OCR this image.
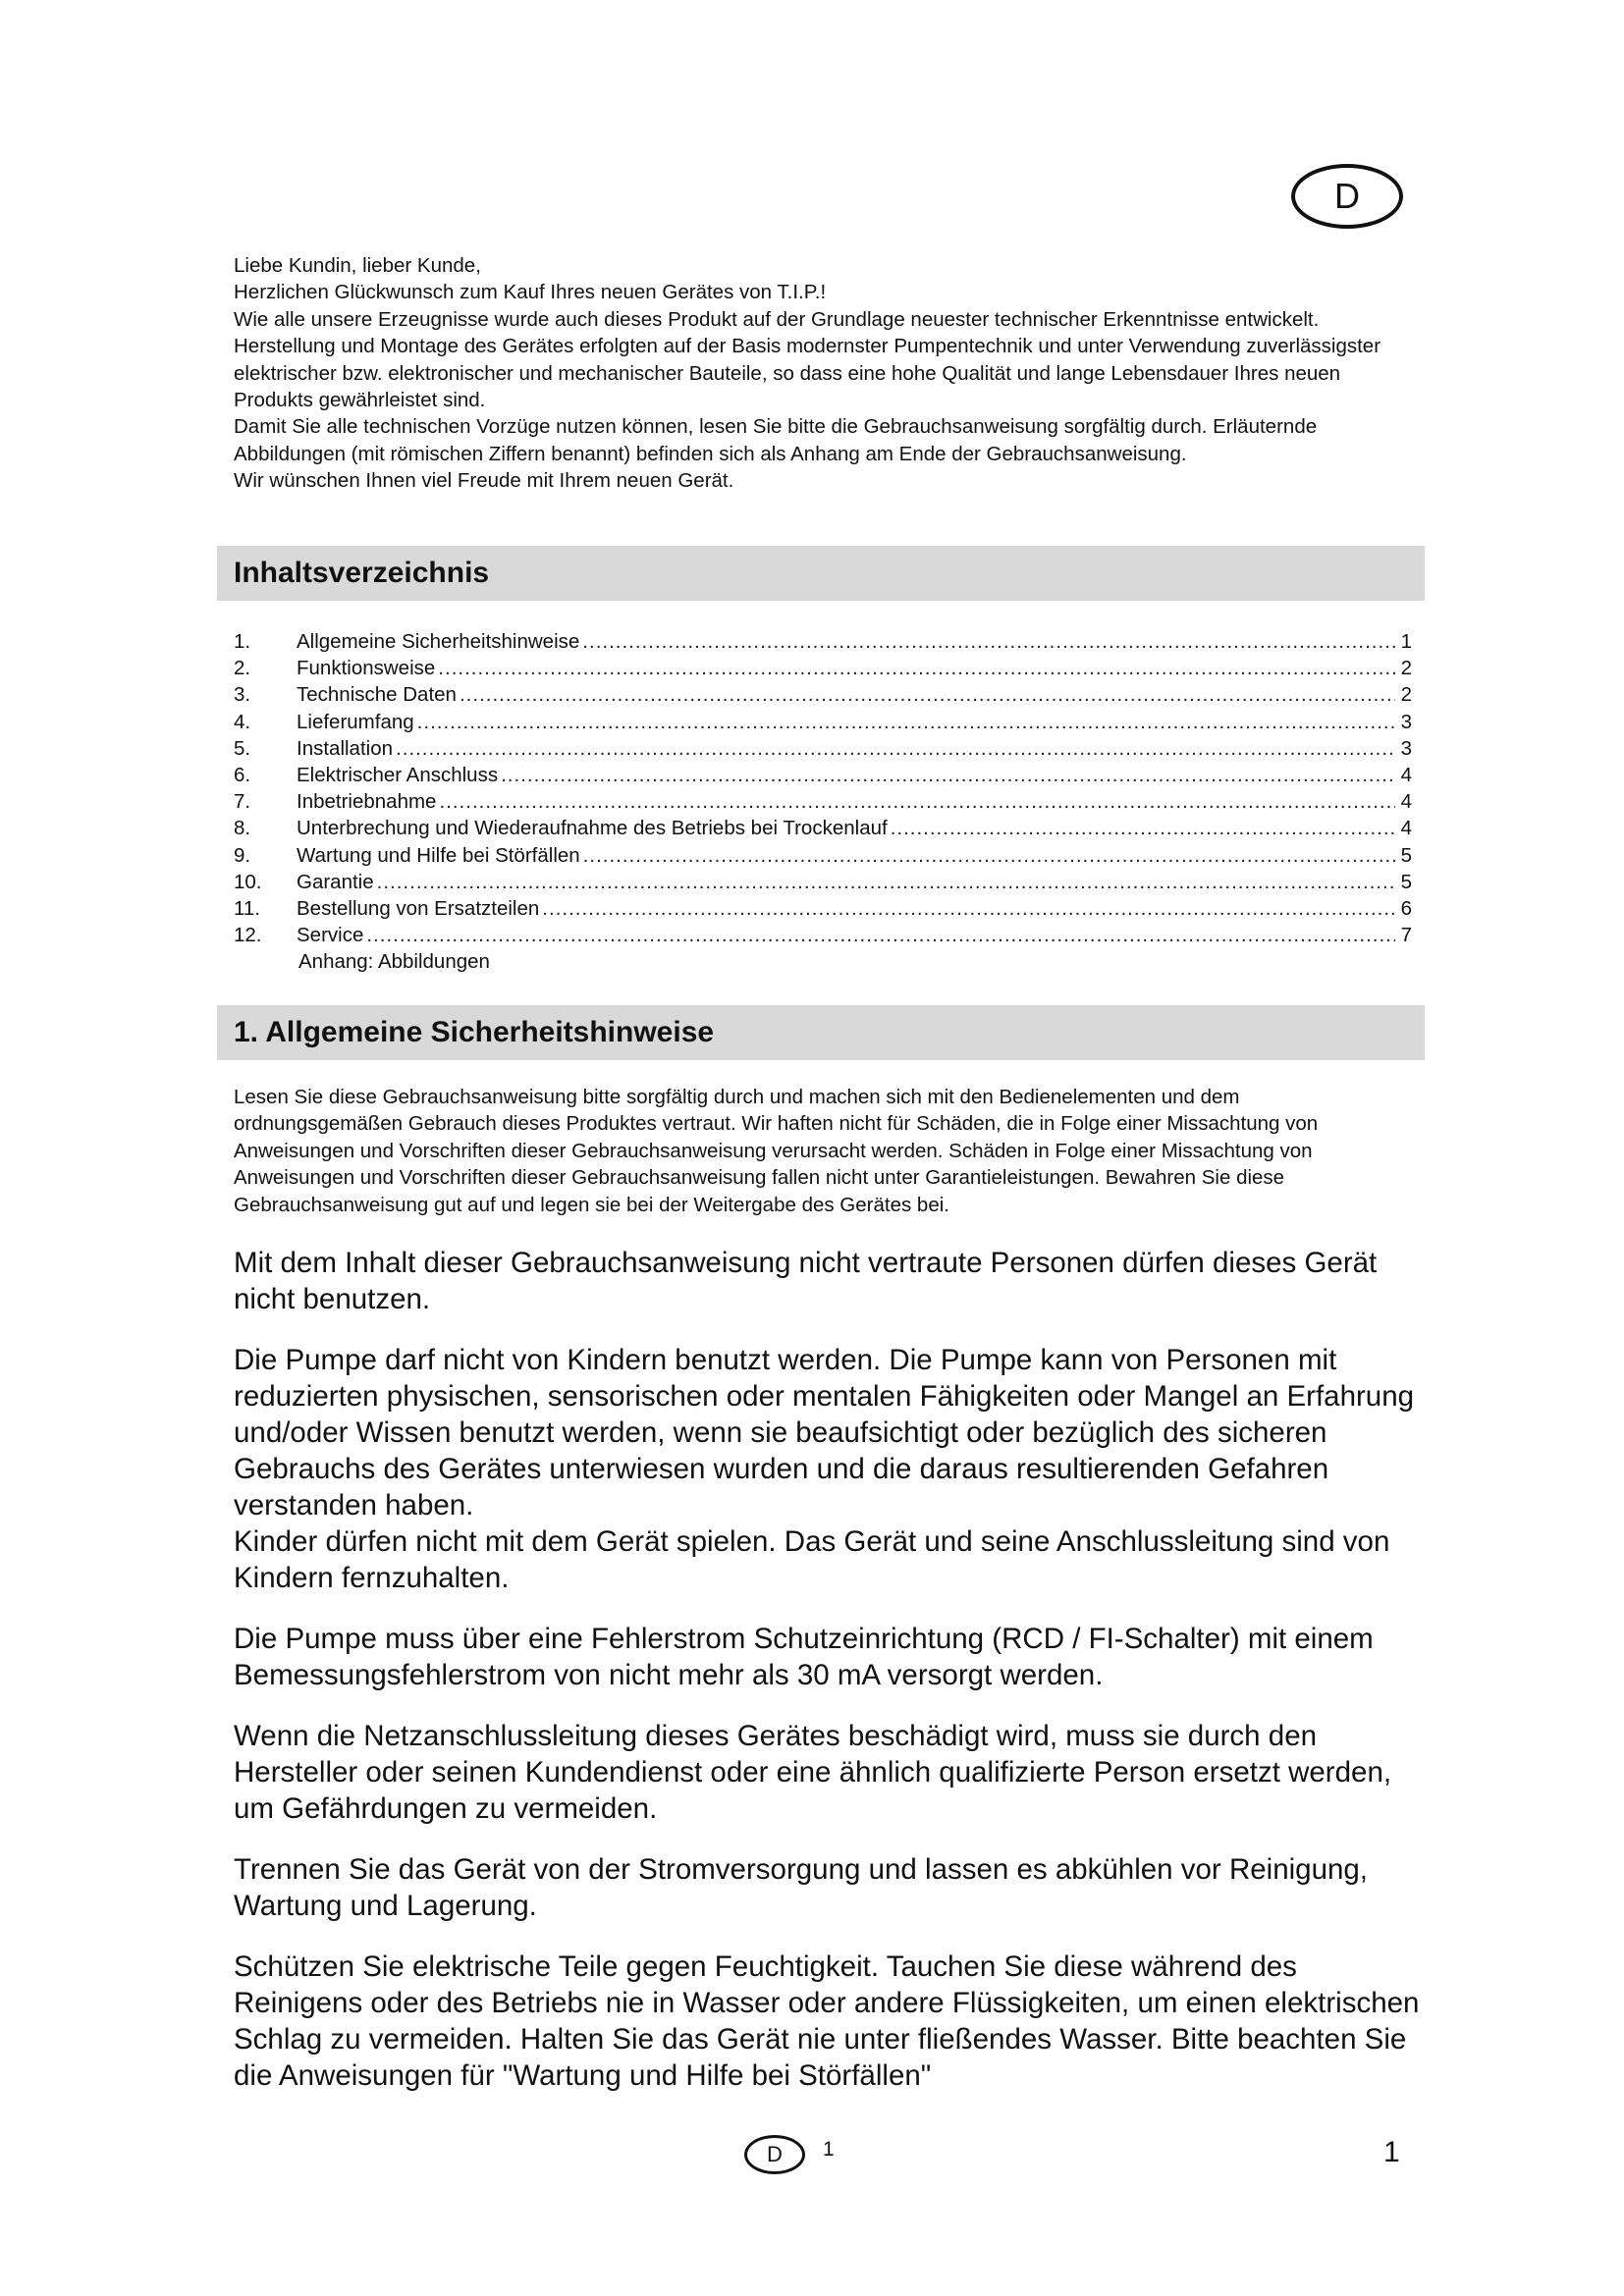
D

Liebe Kundin, lieber Kunde,

Herzlichen Glückwunsch zum Kauf Ihres neuen Gerätes von T.I.P.!

Wie alle unsere Erzeugnisse wurde auch dieses Produkt auf der Grundlage neuester technischer Erkenntnisse entwickelt. Herstellung und Montage des Gerätes erfolgten auf der Basis modernster Pumpentechnik und unter Verwendung zuverlässigster elektrischer bzw. elektronischer und mechanischer Bauteile, so dass eine hohe Qualität und lange Lebensdauer Ihres neuen Produkts gewährleistet sind.

Damit Sie alle technischen Vorzüge nutzen können, lesen Sie bitte die Gebrauchsanweisung sorgfältig durch. Erläuternde Abbildungen (mit römischen Ziffern benannt) befinden sich als Anhang am Ende der Gebrauchsanweisung.

Wir wünschen Ihnen viel Freude mit Ihrem neuen Gerät.

Inhaltsverzeichnis
1.	Allgemeine Sicherheitshinweise .....	1
2.	Funktionsweise .....	2
3.	Technische Daten .....	2
4.	Lieferumfang .....	3
5.	Installation .....	3
6.	Elektrischer Anschluss .....	4
7.	Inbetriebnahme .....	4
8.	Unterbrechung und Wiederaufnahme des Betriebs bei Trockenlauf .....	4
9.	Wartung und Hilfe bei Störfällen .....	5
10.	Garantie .....	5
11.	Bestellung von Ersatzteilen .....	6
12.	Service .....	7
Anhang: Abbildungen
1. Allgemeine Sicherheitshinweise

Lesen Sie diese Gebrauchsanweisung bitte sorgfältig durch und machen sich mit den Bedienelementen und dem ordnungsgemäßen Gebrauch dieses Produktes vertraut. Wir haften nicht für Schäden, die in Folge einer Missachtung von Anweisungen und Vorschriften dieser Gebrauchsanweisung verursacht werden. Schäden in Folge einer Missachtung von Anweisungen und Vorschriften dieser Gebrauchsanweisung fallen nicht unter Garantieleistungen. Bewahren Sie diese Gebrauchsanweisung gut auf und legen sie bei der Weitergabe des Gerätes bei.

Mit dem Inhalt dieser Gebrauchsanweisung nicht vertraute Personen dürfen dieses Gerät nicht benutzen.

Die Pumpe darf nicht von Kindern benutzt werden. Die Pumpe kann von Personen mit reduzierten physischen, sensorischen oder mentalen Fähigkeiten oder Mangel an Erfahrung und/oder Wissen benutzt werden, wenn sie beaufsichtigt oder bezüglich des sicheren Gebrauchs des Gerätes unterwiesen wurden und die daraus resultierenden Gefahren verstanden haben.

Kinder dürfen nicht mit dem Gerät spielen. Das Gerät und seine Anschlussleitung sind von Kindern fernzuhalten.

Die Pumpe muss über eine Fehlerstrom Schutzeinrichtung (RCD / FI-Schalter) mit einem Bemessungsfehlerstrom von nicht mehr als 30 mA versorgt werden.

Wenn die Netzanschlussleitung dieses Gerätes beschädigt wird, muss sie durch den Hersteller oder seinen Kundendienst oder eine ähnlich qualifizierte Person ersetzt werden, um Gefährdungen zu vermeiden.

Trennen Sie das Gerät von der Stromversorgung und lassen es abkühlen vor Reinigung, Wartung und Lagerung.

Schützen Sie elektrische Teile gegen Feuchtigkeit. Tauchen Sie diese während des Reinigens oder des Betriebs nie in Wasser oder andere Flüssigkeiten, um einen elektrischen Schlag zu vermeiden. Halten Sie das Gerät nie unter fließendes Wasser. Bitte beachten Sie die Anweisungen für "Wartung und Hilfe bei Störfällen"

D	1	1
